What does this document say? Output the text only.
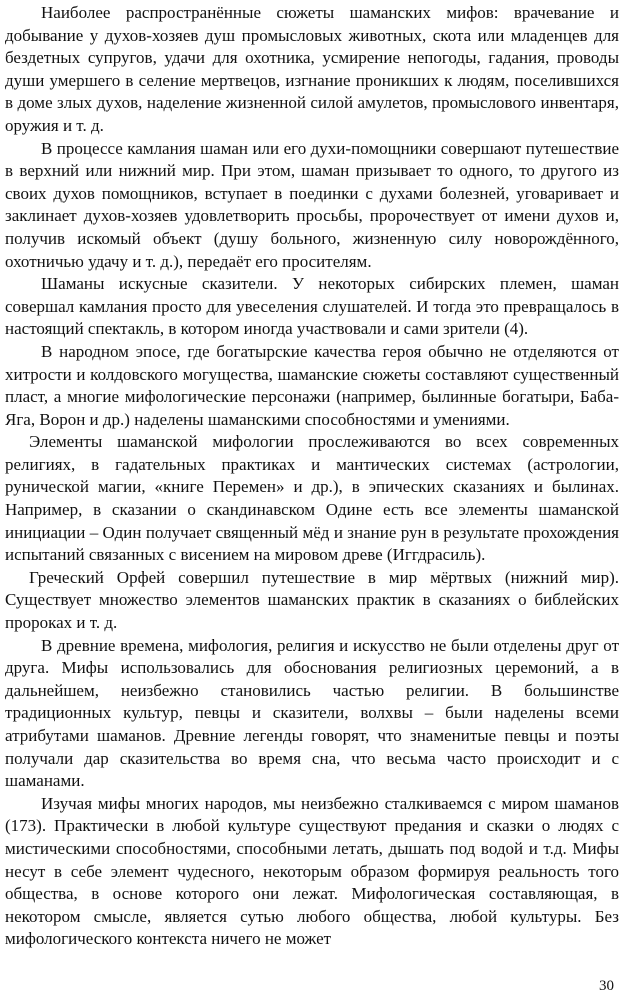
Наиболее распространённые сюжеты шаманских мифов: врачевание и добывание у духов-хозяев душ промысловых животных, скота или младенцев для бездетных супругов, удачи для охотника, усмирение непогоды, гадания, проводы души умершего в селение мертвецов, изгнание проникших к людям, поселившихся в доме злых духов, наделение жизненной силой амулетов, промыслового инвентаря, оружия и т. д.

В процессе камлания шаман или его духи-помощники совершают путешествие в верхний или нижний мир. При этом, шаман призывает то одного, то другого из своих духов помощников, вступает в поединки с духами болезней, уговаривает и заклинает духов-хозяев удовлетворить просьбы, пророчествует от имени духов и, получив искомый объект (душу больного, жизненную силу новорождённого, охотничью удачу и т. д.), передаёт его просителям.

Шаманы искусные сказители. У некоторых сибирских племен, шаман совершал камлания просто для увеселения слушателей. И тогда это превращалось в настоящий спектакль, в котором иногда участвовали и сами зрители (4).

В народном эпосе, где богатырские качества героя обычно не отделяются от хитрости и колдовского могущества, шаманские сюжеты составляют существенный пласт, а многие мифологические персонажи (например, былинные богатыри, Баба-Яга, Ворон и др.) наделены шаманскими способностями и умениями.

Элементы шаманской мифологии прослеживаются во всех современных религиях, в гадательных практиках и мантических системах (астрологии, рунической магии, «книге Перемен» и др.), в эпических сказаниях и былинах. Например, в сказании о скандинавском Одине есть все элементы шаманской инициации – Один получает священный мёд и знание рун в результате прохождения испытаний связанных с висением на мировом древе (Иггдрасиль).

Греческий Орфей совершил путешествие в мир мёртвых (нижний мир). Существует множество элементов шаманских практик в сказаниях о библейских пророках и т. д.

В древние времена, мифология, религия и искусство не были отделены друг от друга. Мифы использовались для обоснования религиозных церемоний, а в дальнейшем, неизбежно становились частью религии. В большинстве традиционных культур, певцы и сказители, волхвы – были наделены всеми атрибутами шаманов. Древние легенды говорят, что знаменитые певцы и поэты получали дар сказительства во время сна, что весьма часто происходит и с шаманами.

Изучая мифы многих народов, мы неизбежно сталкиваемся с миром шаманов (173). Практически в любой культуре существуют предания и сказки о людях с мистическими способностями, способными летать, дышать под водой и т.д. Мифы несут в себе элемент чудесного, некоторым образом формируя реальность того общества, в основе которого они лежат. Мифологическая составляющая, в некотором смысле, является сутью любого общества, любой культуры. Без мифологического контекста ничего не может

30
